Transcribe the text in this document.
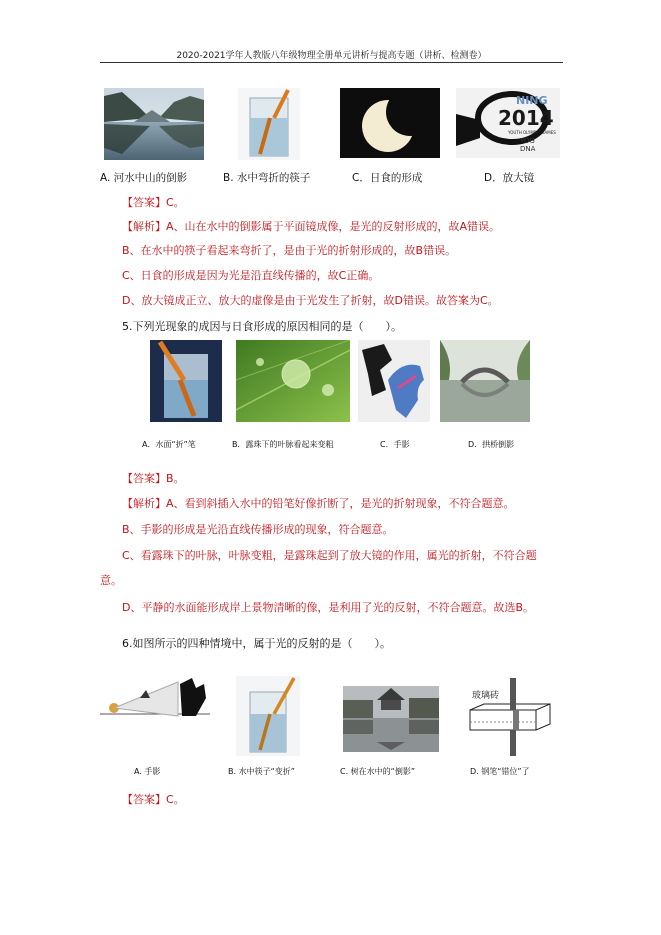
2020-2021学年人教版八年级物理全册单元讲析与提高专题（讲析、检测卷）
NING
2014
YOUTH OLYMPIC GAMES
YOG
DNA
A. 河水中山的倒影	B. 水中弯折的筷子	C．日食的形成	D．放大镜
【答案】C。
【解析】A、山在水中的倒影属于平面镜成像，是光的反射形成的，故A错误。
B、在水中的筷子看起来弯折了，是由于光的折射形成的，故B错误。
C、日食的形成是因为光是沿直线传播的，故C正确。
D、放大镜成正立、放大的虚像是由于光发生了折射，故D错误。故答案为C。
5.下列光现象的成因与日食形成的原因相同的是（　　）。
A．水面“折”笔	B．露珠下的叶脉看起来变粗	C．手影	D．拱桥倒影
【答案】B。
【解析】A、看到斜插入水中的铅笔好像折断了，是光的折射现象，不符合题意。
B、手影的形成是光沿直线传播形成的现象，符合题意。
C、看露珠下的叶脉，叶脉变粗，是露珠起到了放大镜的作用，属光的折射，不符合题
意。
D、平静的水面能形成岸上景物清晰的像，是利用了光的反射，不符合题意。故选B。
6.如图所示的四种情境中，属于光的反射的是（　　）。
玻璃砖
A. 手影	B. 水中筷子“变折”	C. 树在水中的“倒影”	D. 钢笔“错位”了
【答案】C。
